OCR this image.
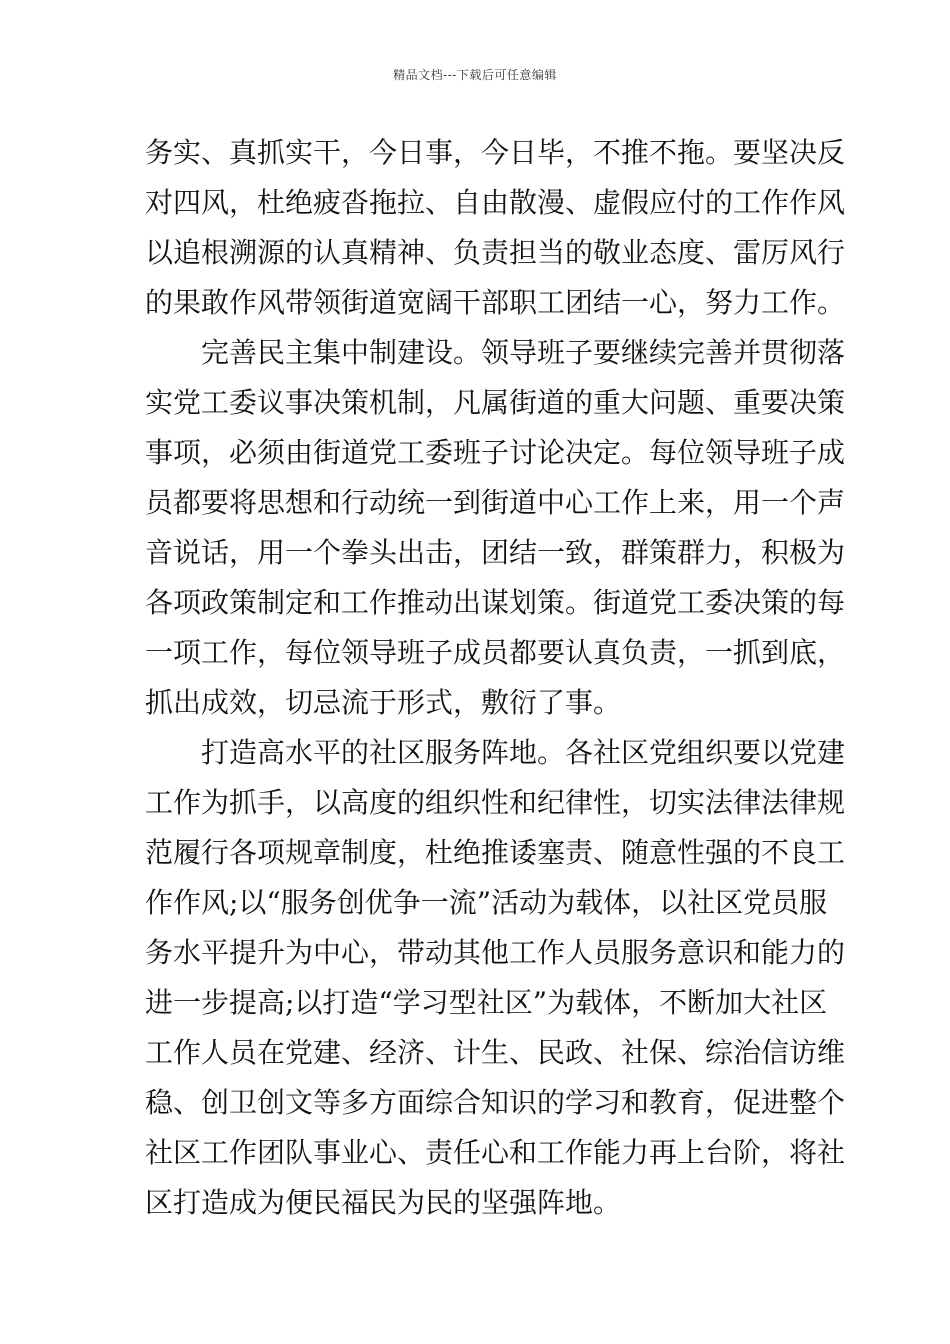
精品文档---下载后可任意编辑
务实、真抓实干，今日事，今日毕，不推不拖。要坚决反
对四风，杜绝疲沓拖拉、自由散漫、虚假应付的工作作风
以追根溯源的认真精神、负责担当的敬业态度、雷厉风行
的果敢作风带领街道宽阔干部职工团结一心，努力工作。
完善民主集中制建设。领导班子要继续完善并贯彻落
实党工委议事决策机制，凡属街道的重大问题、重要决策
事项，必须由街道党工委班子讨论决定。每位领导班子成
员都要将思想和行动统一到街道中心工作上来，用一个声
音说话，用一个拳头出击，团结一致，群策群力，积极为
各项政策制定和工作推动出谋划策。街道党工委决策的每
一项工作，每位领导班子成员都要认真负责，一抓到底，
抓出成效，切忌流于形式，敷衍了事。
打造高水平的社区服务阵地。各社区党组织要以党建
工作为抓手，以高度的组织性和纪律性，切实法律法律规
范履行各项规章制度，杜绝推诿塞责、随意性强的不良工
作作风;以“服务创优争一流”活动为载体，以社区党员服
务水平提升为中心，带动其他工作人员服务意识和能力的
进一步提高;以打造“学习型社区”为载体，不断加大社区
工作人员在党建、经济、计生、民政、社保、综治信访维
稳、创卫创文等多方面综合知识的学习和教育，促进整个
社区工作团队事业心、责任心和工作能力再上台阶，将社
区打造成为便民福民为民的坚强阵地。
